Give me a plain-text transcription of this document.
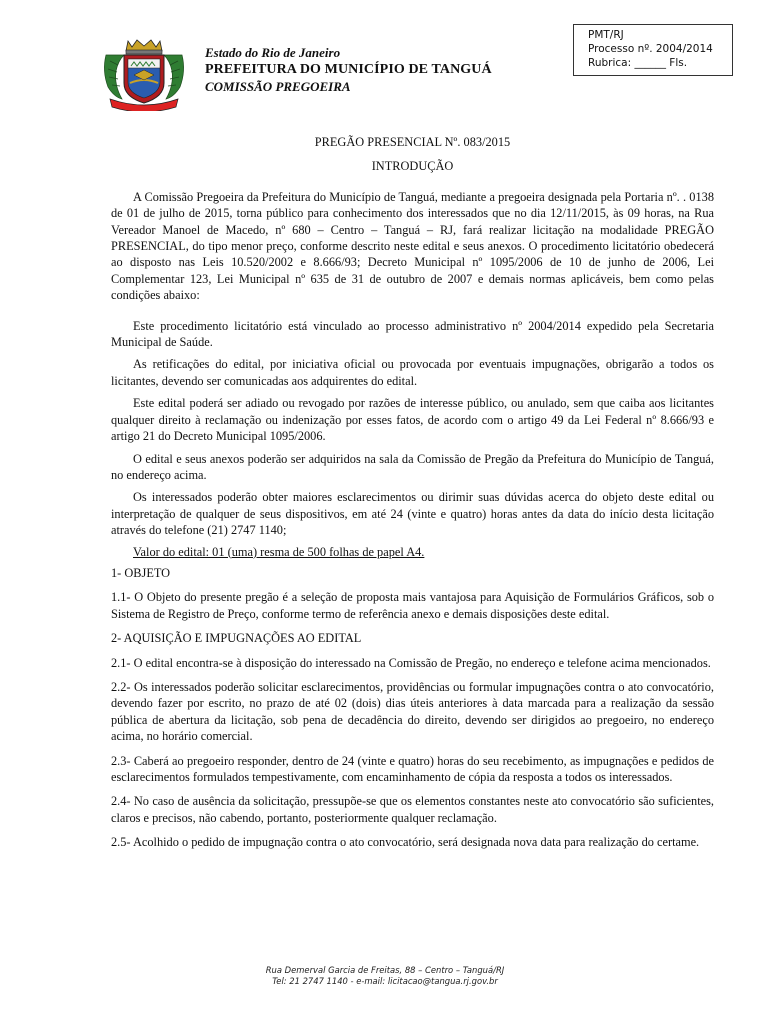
PMT/RJ
Processo nº. 2004/2014
Rubrica: ______ Fls.
Estado do Rio de Janeiro
PREFEITURA DO MUNICÍPIO DE TANGUÁ
COMISSÃO PREGOEIRA

PREGÃO PRESENCIAL Nº. 083/2015

INTRODUÇÃO

A Comissão Pregoeira da Prefeitura do Município de Tanguá, mediante a pregoeira designada pela Portaria nº. . 0138 de 01 de julho de 2015, torna público para conhecimento dos interessados que no dia 12/11/2015, às 09 horas, na Rua Vereador Manoel de Macedo, nº 680 – Centro – Tanguá – RJ, fará realizar licitação na modalidade PREGÃO PRESENCIAL, do tipo menor preço, conforme descrito neste edital e seus anexos. O procedimento licitatório obedecerá ao disposto nas Leis 10.520/2002 e 8.666/93; Decreto Municipal nº 1095/2006 de 10 de junho de 2006, Lei Complementar 123, Lei Municipal nº 635 de 31 de outubro de 2007 e demais normas aplicáveis, bem como pelas condições abaixo:

Este procedimento licitatório está vinculado ao processo administrativo nº 2004/2014 expedido pela Secretaria Municipal de Saúde.

As retificações do edital, por iniciativa oficial ou provocada por eventuais impugnações, obrigarão a todos os licitantes, devendo ser comunicadas aos adquirentes do edital.

Este edital poderá ser adiado ou revogado por razões de interesse público, ou anulado, sem que caiba aos licitantes qualquer direito à reclamação ou indenização por esses fatos, de acordo com o artigo 49 da Lei Federal nº 8.666/93 e artigo 21 do Decreto Municipal 1095/2006.

O edital e seus anexos poderão ser adquiridos na sala da Comissão de Pregão da Prefeitura do Município de Tanguá, no endereço acima.

Os interessados poderão obter maiores esclarecimentos ou dirimir suas dúvidas acerca do objeto deste edital ou interpretação de qualquer de seus dispositivos, em até 24 (vinte e quatro) horas antes da data do início desta licitação através do telefone (21) 2747 1140;

Valor do edital: 01 (uma) resma de 500 folhas de papel A4.

1- OBJETO

1.1- O Objeto do presente pregão é a seleção de proposta mais vantajosa para Aquisição de Formulários Gráficos, sob o Sistema de Registro de Preço, conforme termo de referência anexo e demais disposições deste edital.

2- AQUISIÇÃO E IMPUGNAÇÕES AO EDITAL

2.1- O edital encontra-se à disposição do interessado na Comissão de Pregão, no endereço e telefone acima mencionados.

2.2- Os interessados poderão solicitar esclarecimentos, providências ou formular impugnações contra o ato convocatório, devendo fazer por escrito, no prazo de até 02 (dois) dias úteis anteriores à data marcada para a realização da sessão pública de abertura da licitação, sob pena de decadência do direito, devendo ser dirigidos ao pregoeiro, no endereço acima, no horário comercial.

2.3- Caberá ao pregoeiro responder, dentro de 24 (vinte e quatro) horas do seu recebimento, as impugnações e pedidos de esclarecimentos formulados tempestivamente, com encaminhamento de cópia da resposta a todos os interessados.

2.4- No caso de ausência da solicitação, pressupõe-se que os elementos constantes neste ato convocatório são suficientes, claros e precisos, não cabendo, portanto, posteriormente qualquer reclamação.

2.5- Acolhido o pedido de impugnação contra o ato convocatório, será designada nova data para realização do certame.

Rua Demerval Garcia de Freitas, 88 – Centro – Tanguá/RJ
Tel: 21 2747 1140 - e-mail: licitacao@tangua.rj.gov.br
